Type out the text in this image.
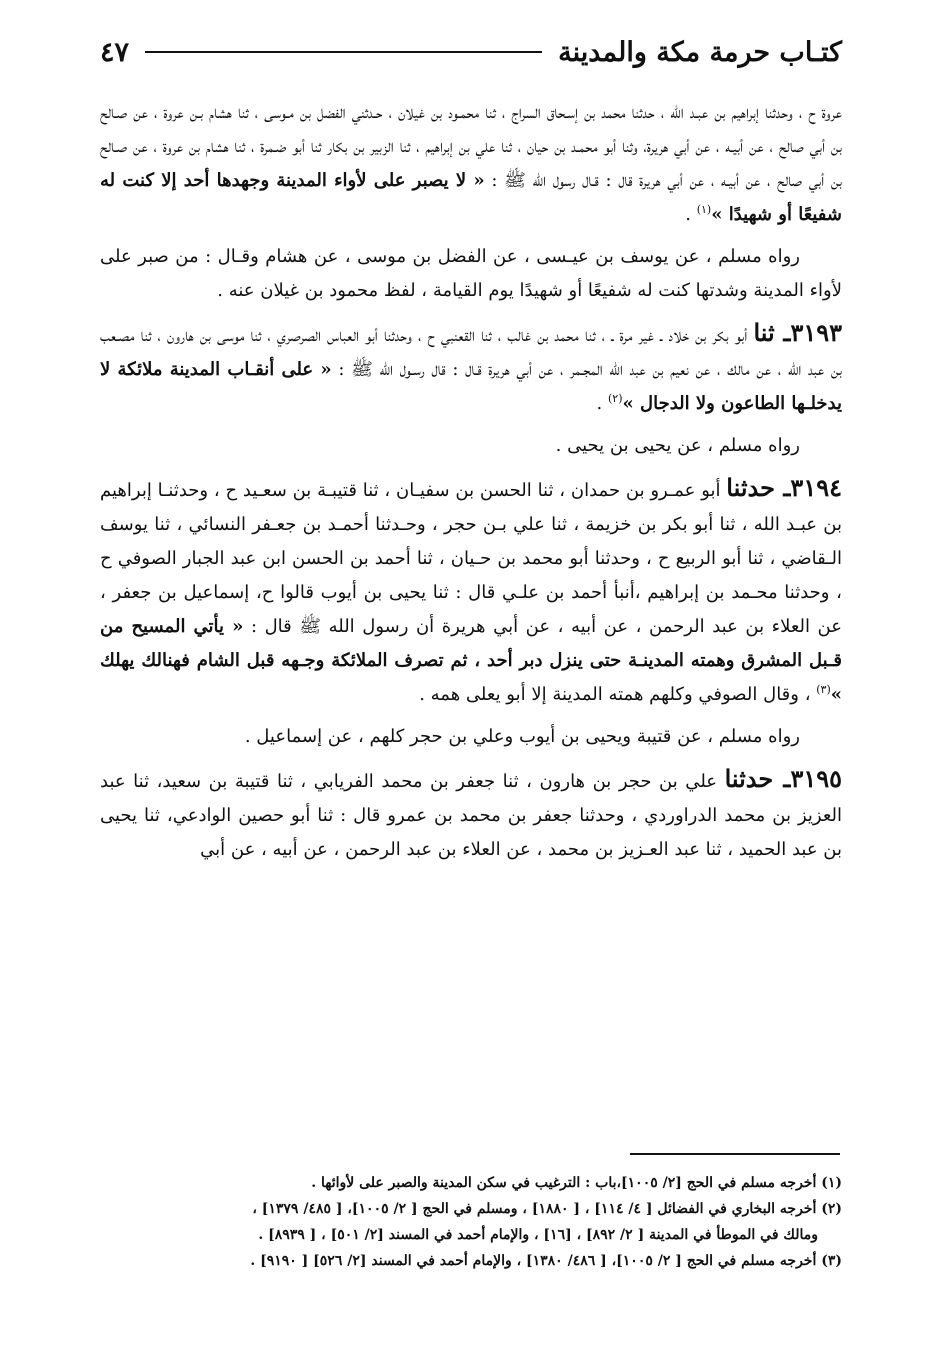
كتـاب حرمة مكة والمدينة
٤٧

عروة ح ، وحدثنا إبراهيم بن عبـد الله ، حدثنا محمد بن إسـحاق السراج ، ثنا محمـود بن غيلان ، حـدثني الفضل بن مـوسى ، ثنا هشام بـن عروة ، عن صـالح بن أبي صالح ، عن أبيـه ، عن أبي هريرة، وثنا أبو محمـد بن حيان ، ثنا علي بن إبراهيم ، ثنا الزبير بن بكار ثنا أبو ضـمرة ، ثنا هشام بن عروة ، عن صـالح بن أبي صالح ، عن أبيـه ، عن أبي هريرة قال : قـال رسول الله ﷺ : « لا يصبر على لأواء المدينة وجهدها أحد إلا كنت له شفيعًا أو شهيدًا »$^{(١)}$ .

رواه مسلم ، عن يوسف بن عيـسى ، عن الفضل بن موسى ، عن هشام وقـال : من صبر على لأواء المدينة وشدتها كنت له شفيعًا أو شهيدًا يوم القيامة ، لفظ محمود بن غيلان عنه .

٣١٩٣ـ ثنا أبو بكر بن خلاد ـ غير مرة ـ ، ثنا محمد بن غالب ، ثنا القعنبي ح ، وحدثنا أبو العباس الصرصري ، ثنا موسى بن هارون ، ثنا مصـعب بن عبد الله ، عن مالك ، عن نعيم بن عبد الله المجـمر ، عن أبي هريرة قـال : قال رسـول الله ﷺ : « على أنقـاب المدينة ملائكة لا يدخلـها الطاعون ولا الدجال »$^{(٢)}$ .

رواه مسلم ، عن يحيى بن يحيى .

٣١٩٤ـ حدثنا أبو عمـرو بن حمدان ، ثنا الحسن بن سفيـان ، ثنا قتيبـة بن سعـيد ح ، وحدثنـا إبراهيم بن عبـد الله ، ثنا أبو بكر بن خزيمة ، ثنا علي بـن حجر ، وحـدثنا أحمـد بن جعـفر النسائي ، ثنا يوسف الـقاضي ، ثنا أبو الربيع ح ، وحدثنا أبو محمد بن حـيان ، ثنا أحمد بن الحسن ابن عبد الجبار الصوفي ح ، وحدثنا محـمد بن إبراهيم ،أنبأ أحمد بن علـي قال : ثنا يحيى بن أيوب قالوا ح، إسماعيل بن جعفر ، عن العلاء بن عبد الرحمن ، عن أبيه ، عن أبي هريرة أن رسول الله ﷺ قال : « يأتي المسيح من قـبل المشرق وهمته المدينـة حتى ينزل دبر أحد ، ثم تصرف الملائكة وجـهه قبل الشام فهنالك يهلك »$^{(٣)}$ ، وقال الصوفي وكلهم همته المدينة إلا أبو يعلى همه .

رواه مسلم ، عن قتيبة ويحيى بن أيوب وعلي بن حجر كلهم ، عن إسماعيل .

٣١٩٥ـ حدثنا علي بن حجر بن هارون ، ثنا جعفر بن محمد الفريابي ، ثنا قتيبة بن سعيد، ثنا عبد العزيز بن محمد الدراوردي ، وحدثنا جعفر بن محمد بن عمرو قال : ثنا أبو حصين الوادعي، ثنا يحيى بن عبد الحميد ، ثنا عبد العـزيز بن محمد ، عن العلاء بن عبد الرحمن ، عن أبيه ، عن أبي

(١) أخرجه مسلم في الحج [٢/ ١٠٠٥]،باب : الترغيب في سكن المدينة والصبر على لأوائها .

(٢) أخرجه البخاري في الفضائل [ ٤/ ١١٤] ، [ ١٨٨٠] ، ومسلم في الحج [ ٢/ ١٠٠٥]، [ ٤٨٥/ ١٣٧٩] ،

ومالك في الموطأ في المدينة [ ٢/ ٨٩٢] ، [١٦] ، والإمام أحمد في المسند [٢/ ٥٠١] ، [ ٨٩٣٩] .

(٣) أخرجه مسلم في الحج [ ٢/ ١٠٠٥]، [ ٤٨٦/ ١٣٨٠] ، والإمام أحمد في المسند [٢/ ٥٢٦] [ ٩١٩٠] .
